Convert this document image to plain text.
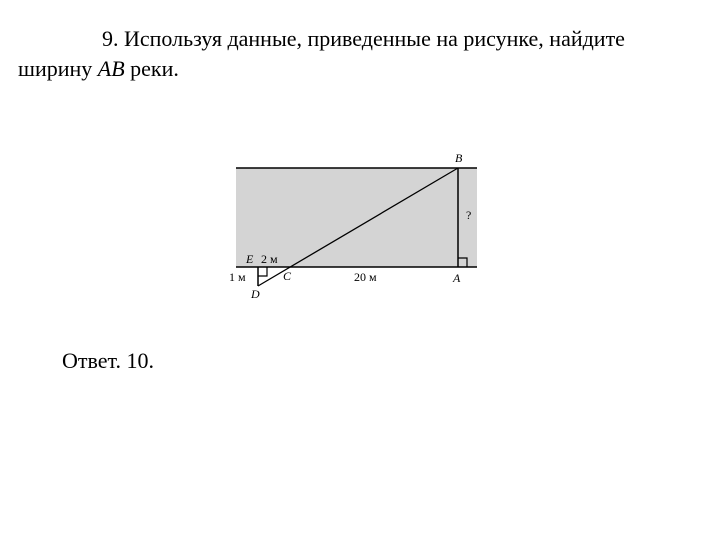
9. Используя данные, приведенные на рисунке, найдите
ширину AB реки.
B
?
E 2 м
1 м	C	20 м	A
D
Ответ. 10.
